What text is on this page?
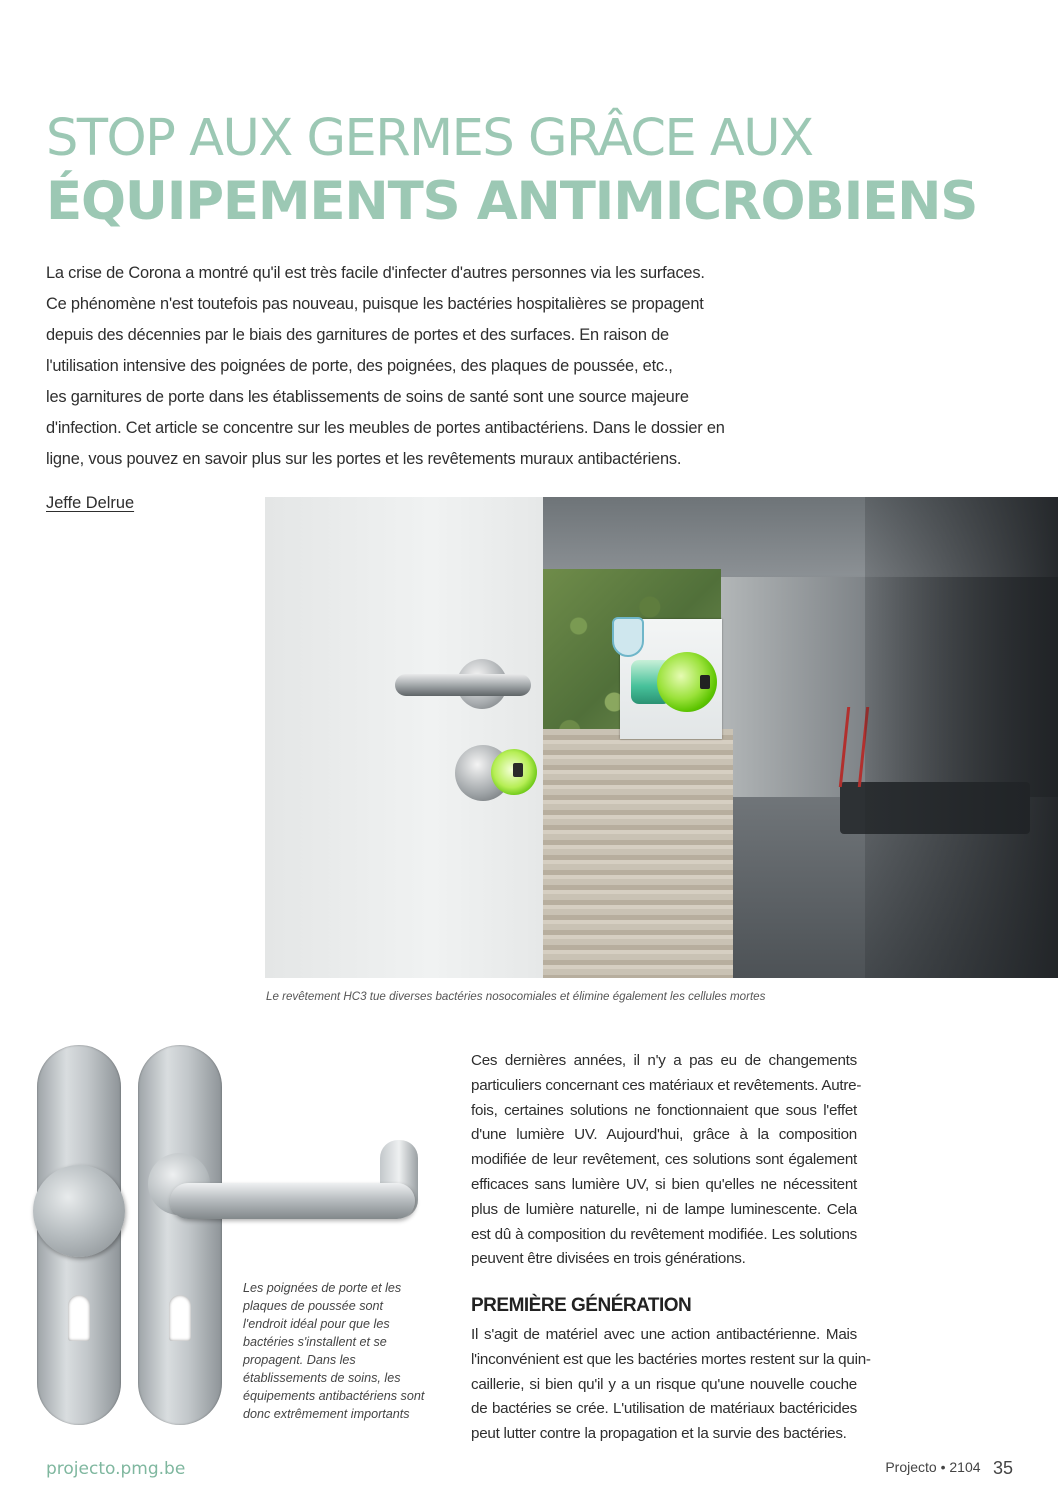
STOP AUX GERMES GRÂCE AUX
ÉQUIPEMENTS ANTIMICROBIENS
La crise de Corona a montré qu'il est très facile d'infecter d'autres personnes via les surfaces.
Ce phénomène n'est toutefois pas nouveau, puisque les bactéries hospitalières se propagent
depuis des décennies par le biais des garnitures de portes et des surfaces. En raison de
l'utilisation intensive des poignées de porte, des poignées, des plaques de poussée, etc.,
les garnitures de porte dans les établissements de soins de santé sont une source majeure
d'infection. Cet article se concentre sur les meubles de portes antibactériens. Dans le dossier en
ligne, vous pouvez en savoir plus sur les portes et les revêtements muraux antibactériens.
Jeffe Delrue

Le revêtement HC3 tue diverses bactéries nosocomiales et élimine également les cellules mortes

Les poignées de porte et les plaques de poussée sont l'endroit idéal pour que les bactéries s'installent et se propagent. Dans les établissements de soins, les équipements antibactériens sont donc extrêmement importants

Ces dernières années, il n'y a pas eu de changements
particuliers concernant ces matériaux et revêtements. Autre-
fois, certaines solutions ne fonctionnaient que sous l'effet
d'une lumière UV. Aujourd'hui, grâce à la composition
modifiée de leur revêtement, ces solutions sont également
efficaces sans lumière UV, si bien qu'elles ne nécessitent
plus de lumière naturelle, ni de lampe luminescente. Cela
est dû à composition du revêtement modifiée. Les solutions
peuvent être divisées en trois générations.
PREMIÈRE GÉNÉRATION
Il s'agit de matériel avec une action antibactérienne. Mais
l'inconvénient est que les bactéries mortes restent sur la quin-
caillerie, si bien qu'il y a un risque qu'une nouvelle couche
de bactéries se crée. L'utilisation de matériaux bactéricides
peut lutter contre la propagation et la survie des bactéries.
projecto.pmg.be	Projecto • 2104 35
